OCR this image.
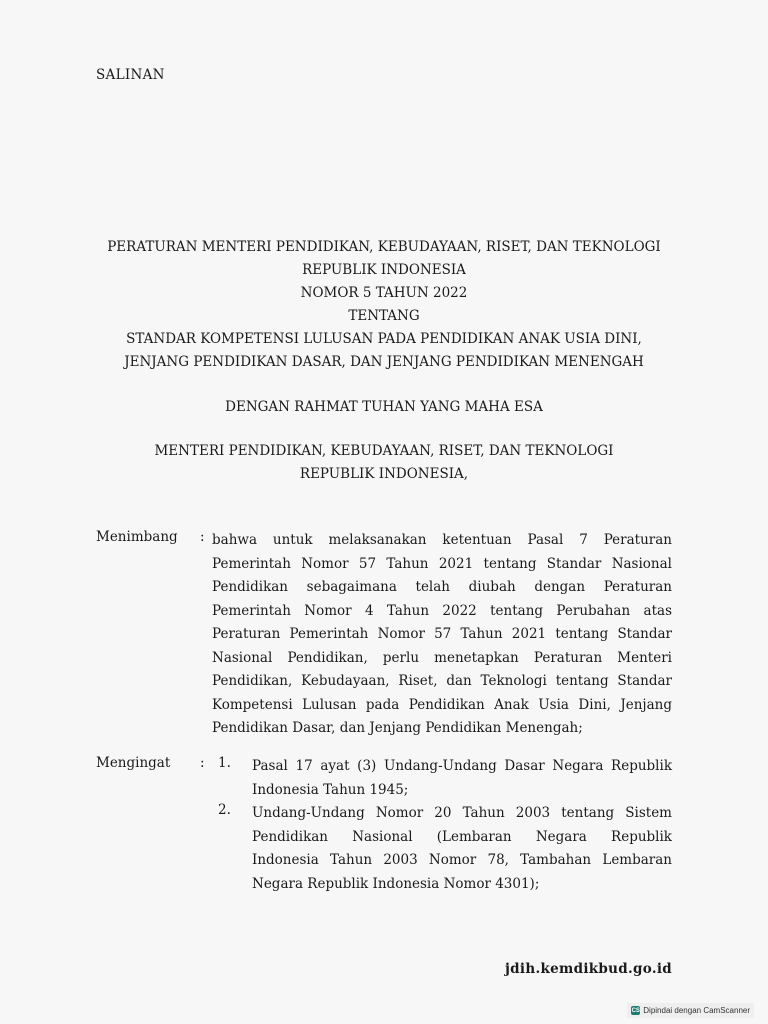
SALINAN
PERATURAN MENTERI PENDIDIKAN, KEBUDAYAAN, RISET, DAN TEKNOLOGI
REPUBLIK INDONESIA
NOMOR 5 TAHUN 2022
TENTANG
STANDAR KOMPETENSI LULUSAN PADA PENDIDIKAN ANAK USIA DINI,
JENJANG PENDIDIKAN DASAR, DAN JENJANG PENDIDIKAN MENENGAH
DENGAN RAHMAT TUHAN YANG MAHA ESA
MENTERI PENDIDIKAN, KEBUDAYAAN, RISET, DAN TEKNOLOGI
REPUBLIK INDONESIA,
Menimbang : bahwa untuk melaksanakan ketentuan Pasal 7 Peraturan
Pemerintah Nomor 57 Tahun 2021 tentang Standar Nasional
Pendidikan sebagaimana telah diubah dengan Peraturan
Pemerintah Nomor 4 Tahun 2022 tentang Perubahan atas
Peraturan Pemerintah Nomor 57 Tahun 2021 tentang Standar
Nasional Pendidikan, perlu menetapkan Peraturan Menteri
Pendidikan, Kebudayaan, Riset, dan Teknologi tentang Standar
Kompetensi Lulusan pada Pendidikan Anak Usia Dini, Jenjang
Pendidikan Dasar, dan Jenjang Pendidikan Menengah;
Mengingat : 1. Pasal 17 ayat (3) Undang-Undang Dasar Negara Republik
Indonesia Tahun 1945;
2. Undang-Undang Nomor 20 Tahun 2003 tentang Sistem
Pendidikan Nasional (Lembaran Negara Republik
Indonesia Tahun 2003 Nomor 78, Tambahan Lembaran
Negara Republik Indonesia Nomor 4301);
jdih.kemdikbud.go.id
CS Dipindai dengan CamScanner
